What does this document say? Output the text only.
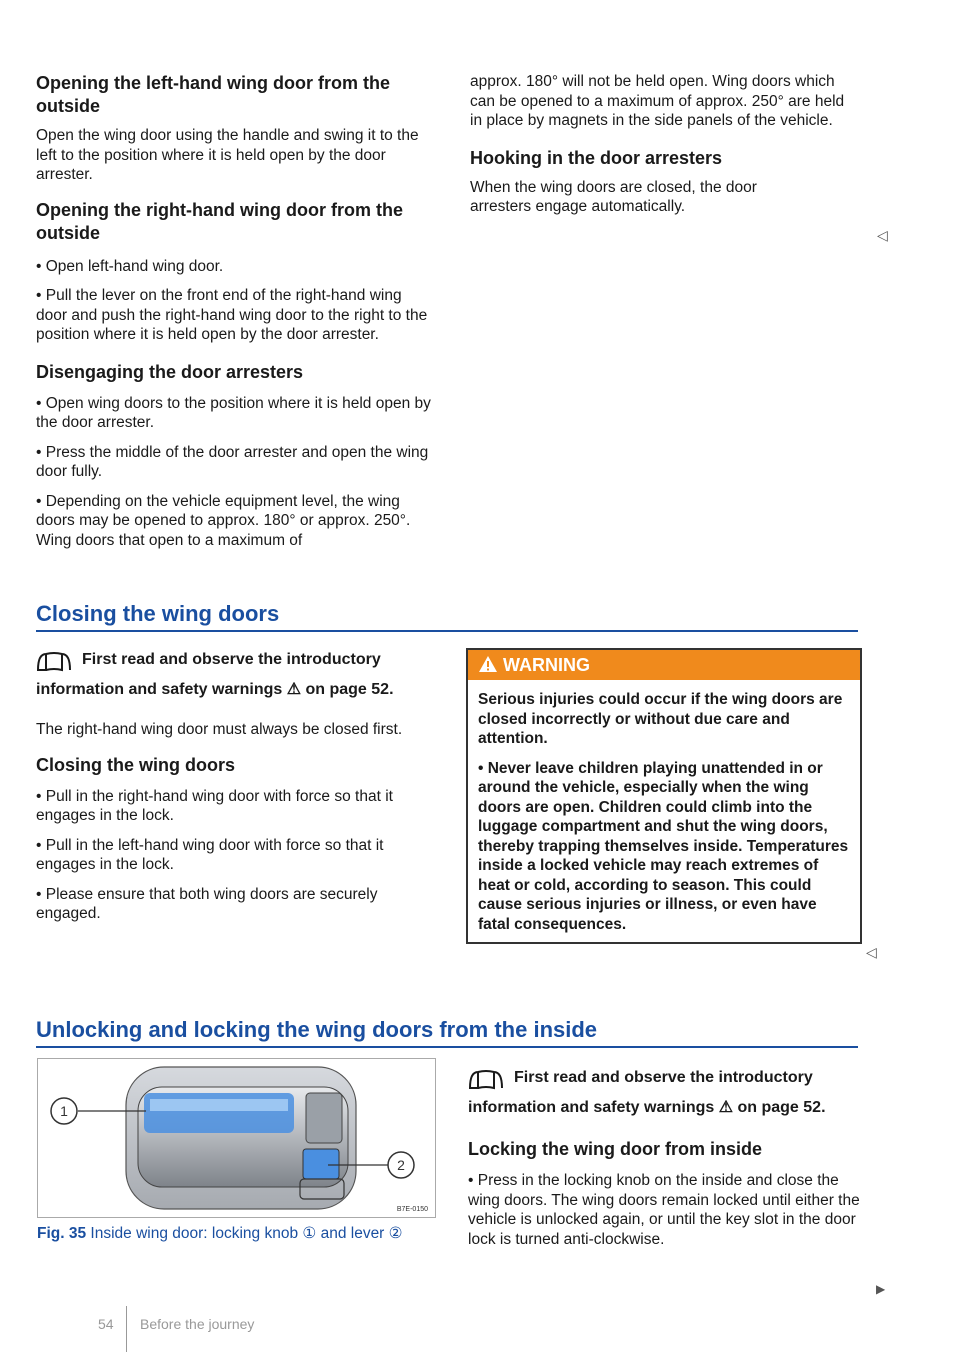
Opening the left-hand wing door from the outside

Open the wing door using the handle and swing it to the left to the position where it is held open by the door arrester.

Opening the right-hand wing door from the outside

• Open left-hand wing door.

• Pull the lever on the front end of the right-hand wing door and push the right-hand wing door to the right to the position where it is held open by the door arrester.

Disengaging the door arresters

• Open wing doors to the position where it is held open by the door arrester.

• Press the middle of the door arrester and open the wing door fully.

• Depending on the vehicle equipment level, the wing doors may be opened to approx. 180° or approx. 250°. Wing doors that open to a maximum of

approx. 180° will not be held open. Wing doors which can be opened to a maximum of approx. 250° are held in place by magnets in the side panels of the vehicle.

Hooking in the door arresters

When the wing doors are closed, the door arresters engage automatically.

◁
Closing the wing doors
First read and observe the introductory information and safety warnings ⚠ on page 52.

The right-hand wing door must always be closed first.

Closing the wing doors

• Pull in the right-hand wing door with force so that it engages in the lock.

• Pull in the left-hand wing door with force so that it engages in the lock.

• Please ensure that both wing doors are securely engaged.

WARNING
Serious injuries could occur if the wing doors are closed incorrectly or without due care and attention.
• Never leave children playing unattended in or around the vehicle, especially when the wing doors are open. Children could climb into the luggage compartment and shut the wing doors, thereby trapping themselves inside. Temperatures inside a locked vehicle may reach extremes of heat or cold, according to season. This could cause serious injuries or illness, or even have fatal consequences.
◁
Unlocking and locking the wing doors from the inside
1
2
B7E-0150
Fig. 35 Inside wing door: locking knob ① and lever ②
First read and observe the introductory information and safety warnings ⚠ on page 52.
Locking the wing door from inside

• Press in the locking knob on the inside and close the wing doors. The wing doors remain locked until either the vehicle is unlocked again, or until the key slot in the door lock is turned anti-clockwise.

▶
54 Before the journey
